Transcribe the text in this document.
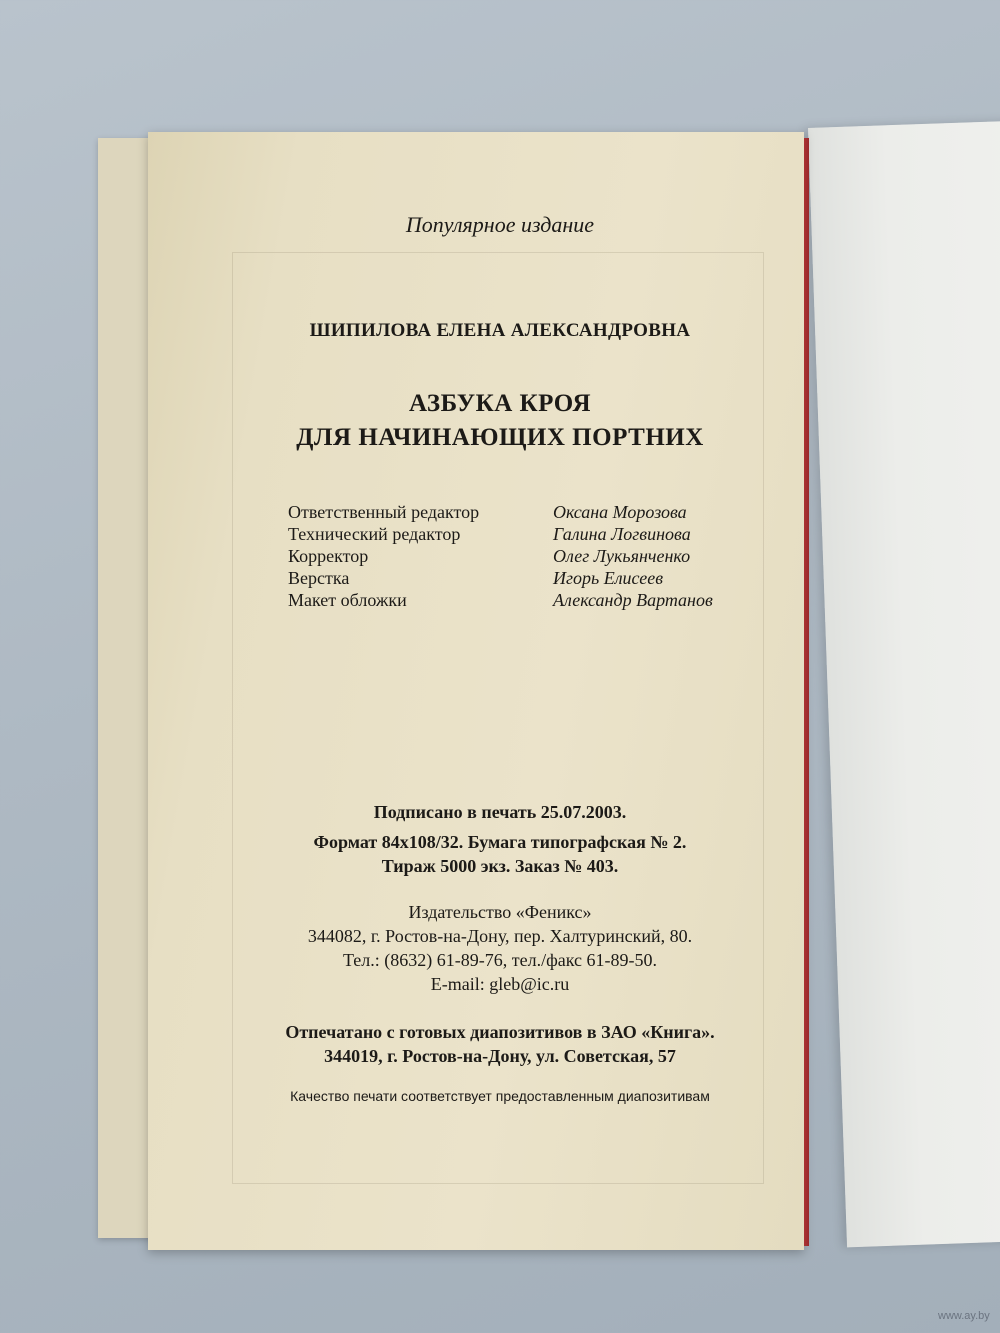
Популярное издание
ШИПИЛОВА ЕЛЕНА АЛЕКСАНДРОВНА
АЗБУКА КРОЯ
ДЛЯ НАЧИНАЮЩИХ ПОРТНИХ
Ответственный редактор	Оксана Морозова
Технический редактор	Галина Логвинова
Корректор	Олег Лукьянченко
Верстка	Игорь Елисеев
Макет обложки	Александр Вартанов
Подписано в печать 25.07.2003.
Формат 84x108/32. Бумага типографская № 2.
Тираж 5000 экз. Заказ № 403.
Издательство «Феникс»
344082, г. Ростов-на-Дону, пер. Халтуринский, 80.
Тел.: (8632) 61-89-76, тел./факс 61-89-50.
E-mail: gleb@ic.ru
Отпечатано с готовых диапозитивов в ЗАО «Книга».
344019, г. Ростов-на-Дону, ул. Советская, 57
Качество печати соответствует предоставленным диапозитивам
www.ay.by
